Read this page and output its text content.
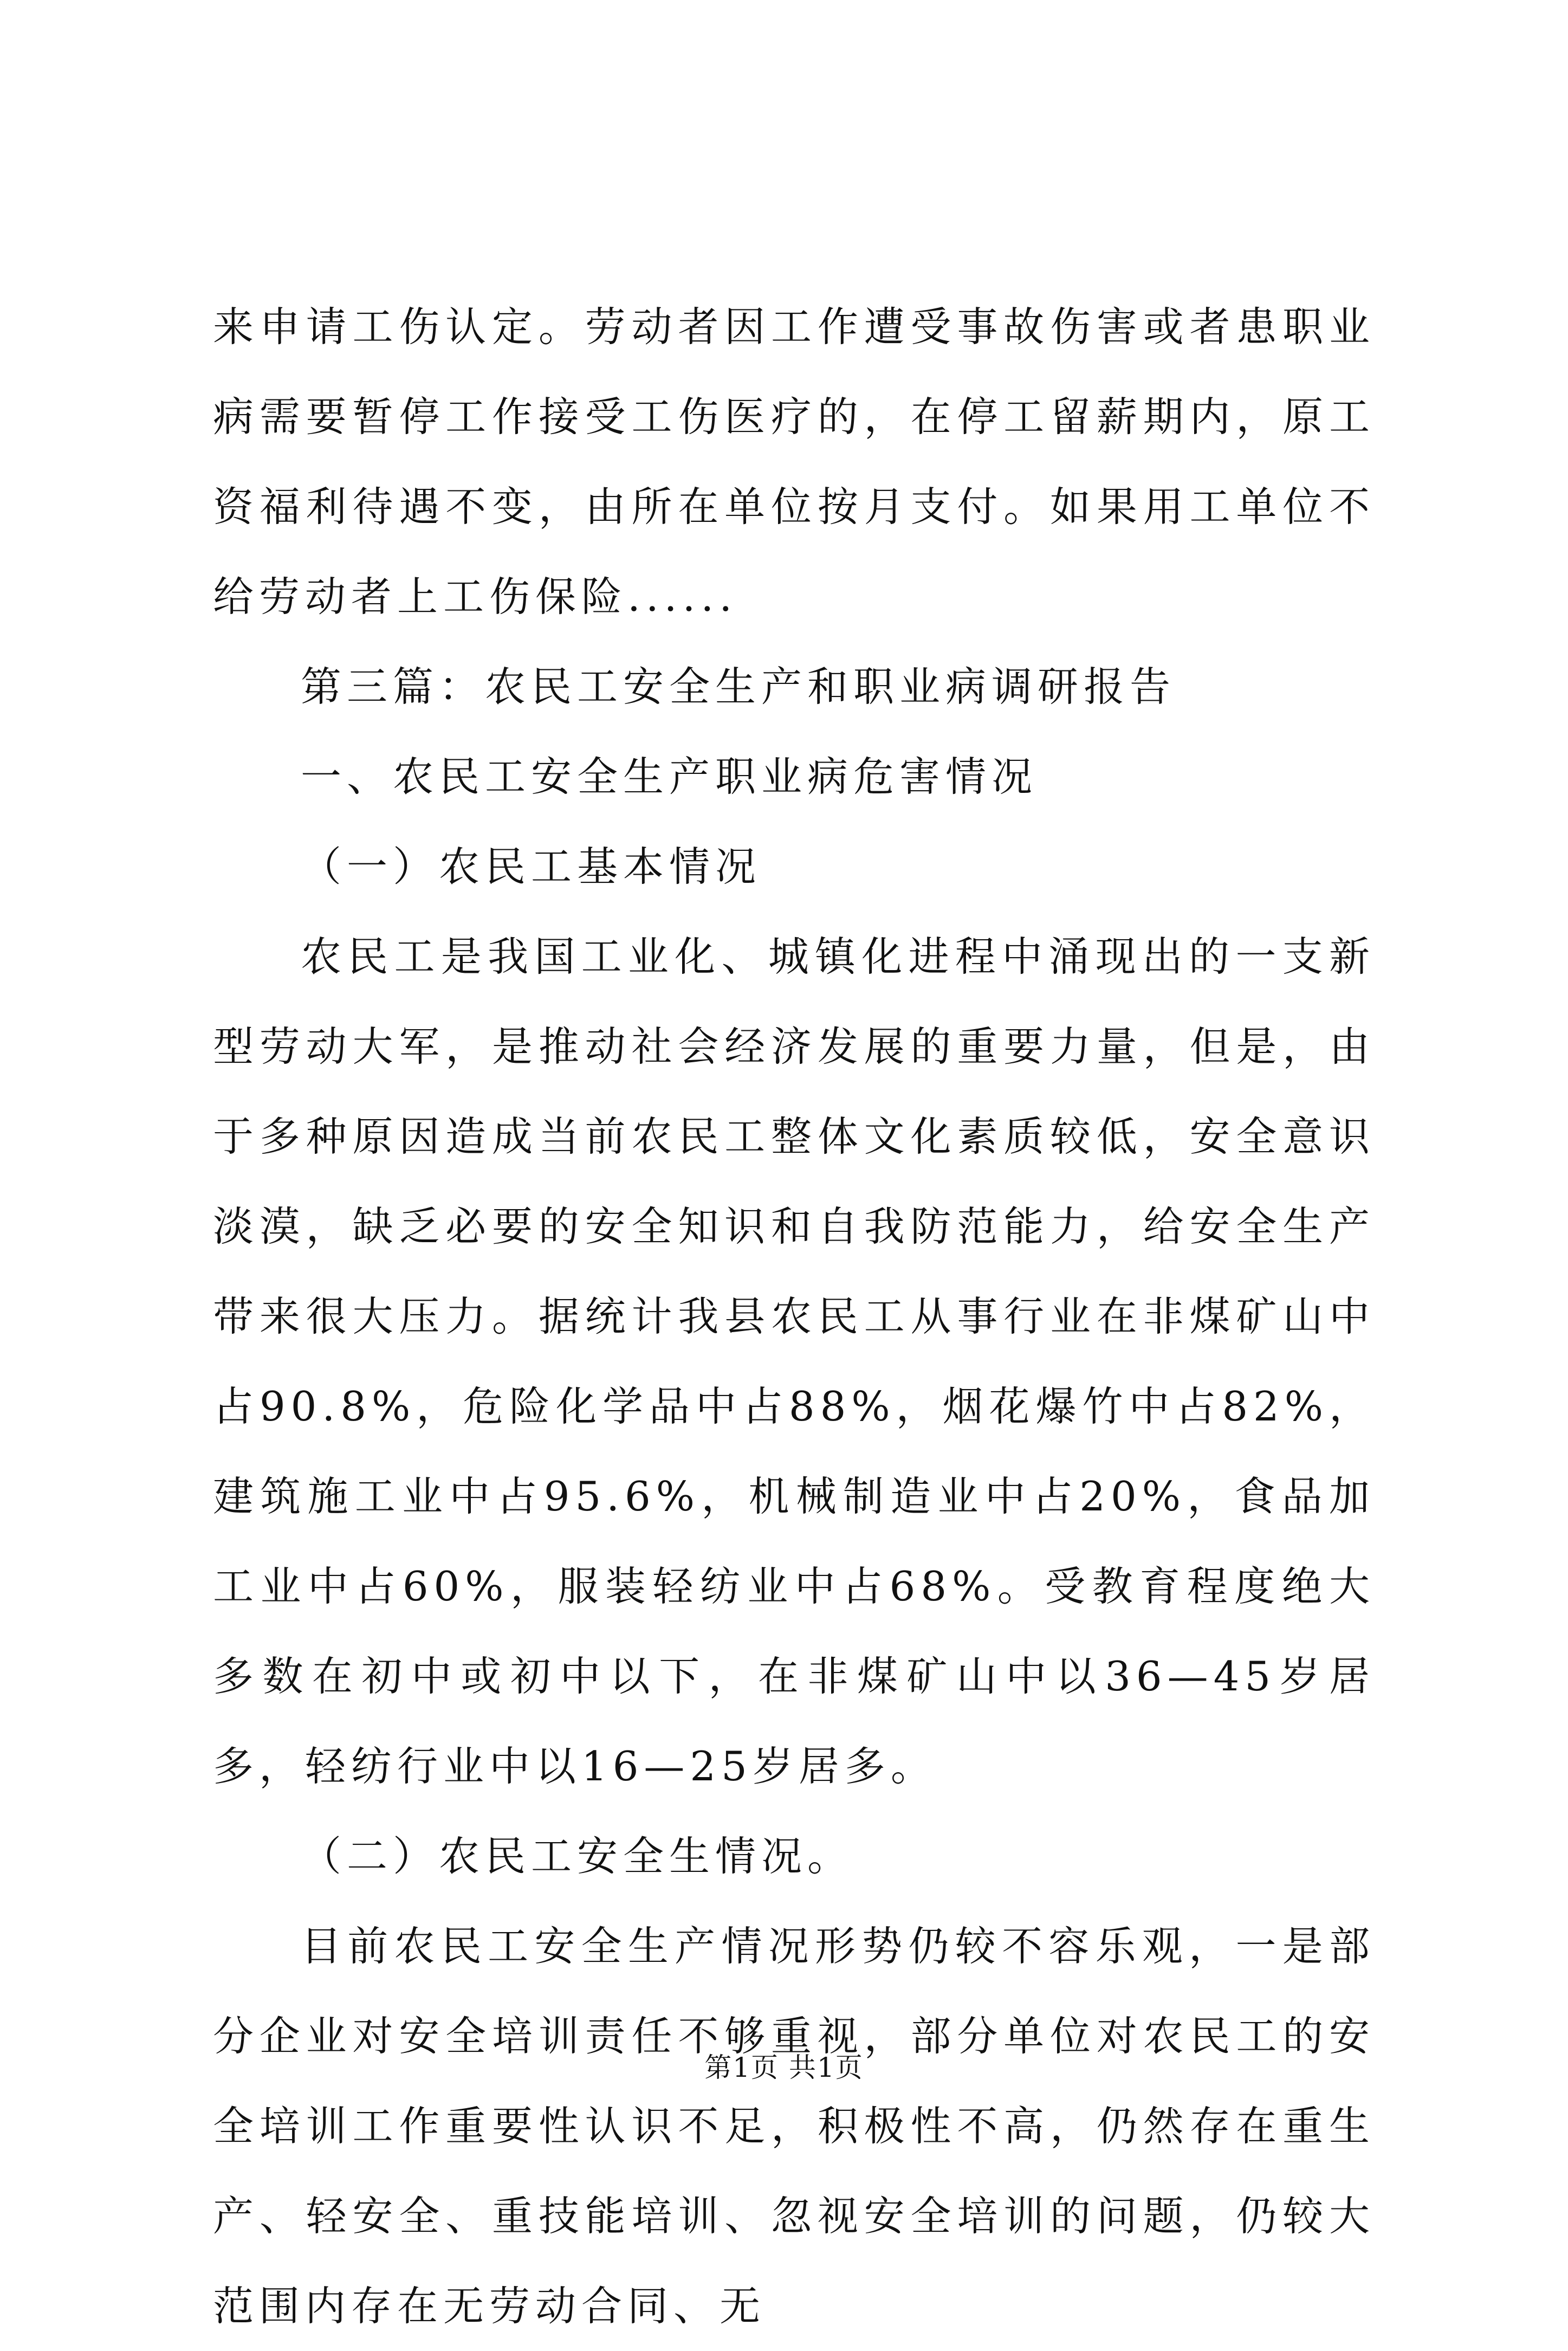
来申请工伤认定。劳动者因工作遭受事故伤害或者患职业病需要暂停工作接受工伤医疗的，在停工留薪期内，原工资福利待遇不变，由所在单位按月支付。如果用工单位不给劳动者上工伤保险......

第三篇：农民工安全生产和职业病调研报告

一、农民工安全生产职业病危害情况

（一）农民工基本情况

农民工是我国工业化、城镇化进程中涌现出的一支新型劳动大军，是推动社会经济发展的重要力量，但是，由于多种原因造成当前农民工整体文化素质较低，安全意识淡漠，缺乏必要的安全知识和自我防范能力，给安全生产带来很大压力。据统计我县农民工从事行业在非煤矿山中占90.8%，危险化学品中占88%，烟花爆竹中占82%，建筑施工业中占95.6%，机械制造业中占20%，食品加工业中占60%，服装轻纺业中占68%。受教育程度绝大多数在初中或初中以下，在非煤矿山中以36—45岁居多，轻纺行业中以16—25岁居多。

（二）农民工安全生情况。

目前农民工安全生产情况形势仍较不容乐观，一是部分企业对安全培训责任不够重视，部分单位对农民工的安全培训工作重要性认识不足，积极性不高，仍然存在重生产、轻安全、重技能培训、忽视安全培训的问题，仍较大范围内存在无劳动合同、无

第1页 共1页
